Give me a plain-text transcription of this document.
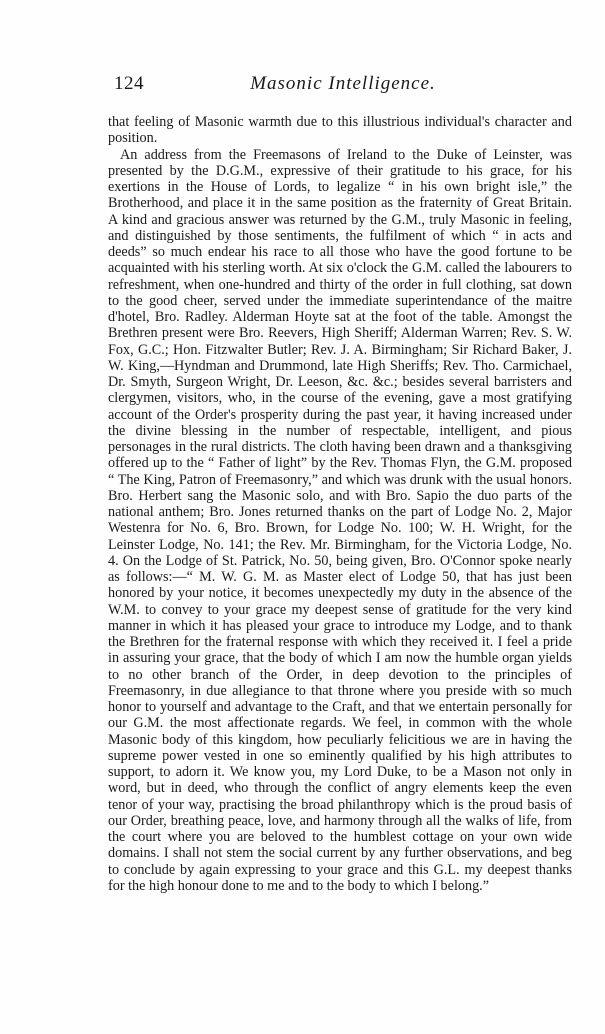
124	Masonic Intelligence.

that feeling of Masonic warmth due to this illustrious individual's character and position.

An address from the Freemasons of Ireland to the Duke of Leinster, was presented by the D.G.M., expressive of their gratitude to his grace, for his exertions in the House of Lords, to legalize “ in his own bright isle,” the Brotherhood, and place it in the same position as the fraternity of Great Britain. A kind and gracious answer was returned by the G.M., truly Masonic in feeling, and distinguished by those sentiments, the fulfilment of which “ in acts and deeds” so much endear his race to all those who have the good fortune to be acquainted with his sterling worth. At six o'clock the G.M. called the labourers to refreshment, when one-hundred and thirty of the order in full clothing, sat down to the good cheer, served under the immediate superintendance of the maitre d'hotel, Bro. Radley. Alderman Hoyte sat at the foot of the table. Amongst the Brethren present were Bro. Reevers, High Sheriff; Alderman Warren; Rev. S. W. Fox, G.C.; Hon. Fitzwalter Butler; Rev. J. A. Birmingham; Sir Richard Baker, J. W. King,—Hyndman and Drummond, late High Sheriffs; Rev. Tho. Carmichael, Dr. Smyth, Surgeon Wright, Dr. Leeson, &c. &c.; besides several barristers and clergymen, visitors, who, in the course of the evening, gave a most gratifying account of the Order's prosperity during the past year, it having increased under the divine blessing in the number of respectable, intelligent, and pious personages in the rural districts. The cloth having been drawn and a thanksgiving offered up to the “ Father of light” by the Rev. Thomas Flyn, the G.M. proposed “ The King, Patron of Freemasonry,” and which was drunk with the usual honors. Bro. Herbert sang the Masonic solo, and with Bro. Sapio the duo parts of the national anthem; Bro. Jones returned thanks on the part of Lodge No. 2, Major Westenra for No. 6, Bro. Brown, for Lodge No. 100; W. H. Wright, for the Leinster Lodge, No. 141; the Rev. Mr. Birmingham, for the Victoria Lodge, No. 4. On the Lodge of St. Patrick, No. 50, being given, Bro. O'Connor spoke nearly as follows:—“ M. W. G. M. as Master elect of Lodge 50, that has just been honored by your notice, it becomes unexpectedly my duty in the absence of the W.M. to convey to your grace my deepest sense of gratitude for the very kind manner in which it has pleased your grace to introduce my Lodge, and to thank the Brethren for the fraternal response with which they received it. I feel a pride in assuring your grace, that the body of which I am now the humble organ yields to no other branch of the Order, in deep devotion to the principles of Freemasonry, in due allegiance to that throne where you preside with so much honor to yourself and advantage to the Craft, and that we entertain personally for our G.M. the most affectionate regards. We feel, in common with the whole Masonic body of this kingdom, how peculiarly felicitious we are in having the supreme power vested in one so eminently qualified by his high attributes to support, to adorn it. We know you, my Lord Duke, to be a Mason not only in word, but in deed, who through the conflict of angry elements keep the even tenor of your way, practising the broad philanthropy which is the proud basis of our Order, breathing peace, love, and harmony through all the walks of life, from the court where you are beloved to the humblest cottage on your own wide domains. I shall not stem the social current by any further observations, and beg to conclude by again expressing to your grace and this G.L. my deepest thanks for the high honour done to me and to the body to which I belong.”
